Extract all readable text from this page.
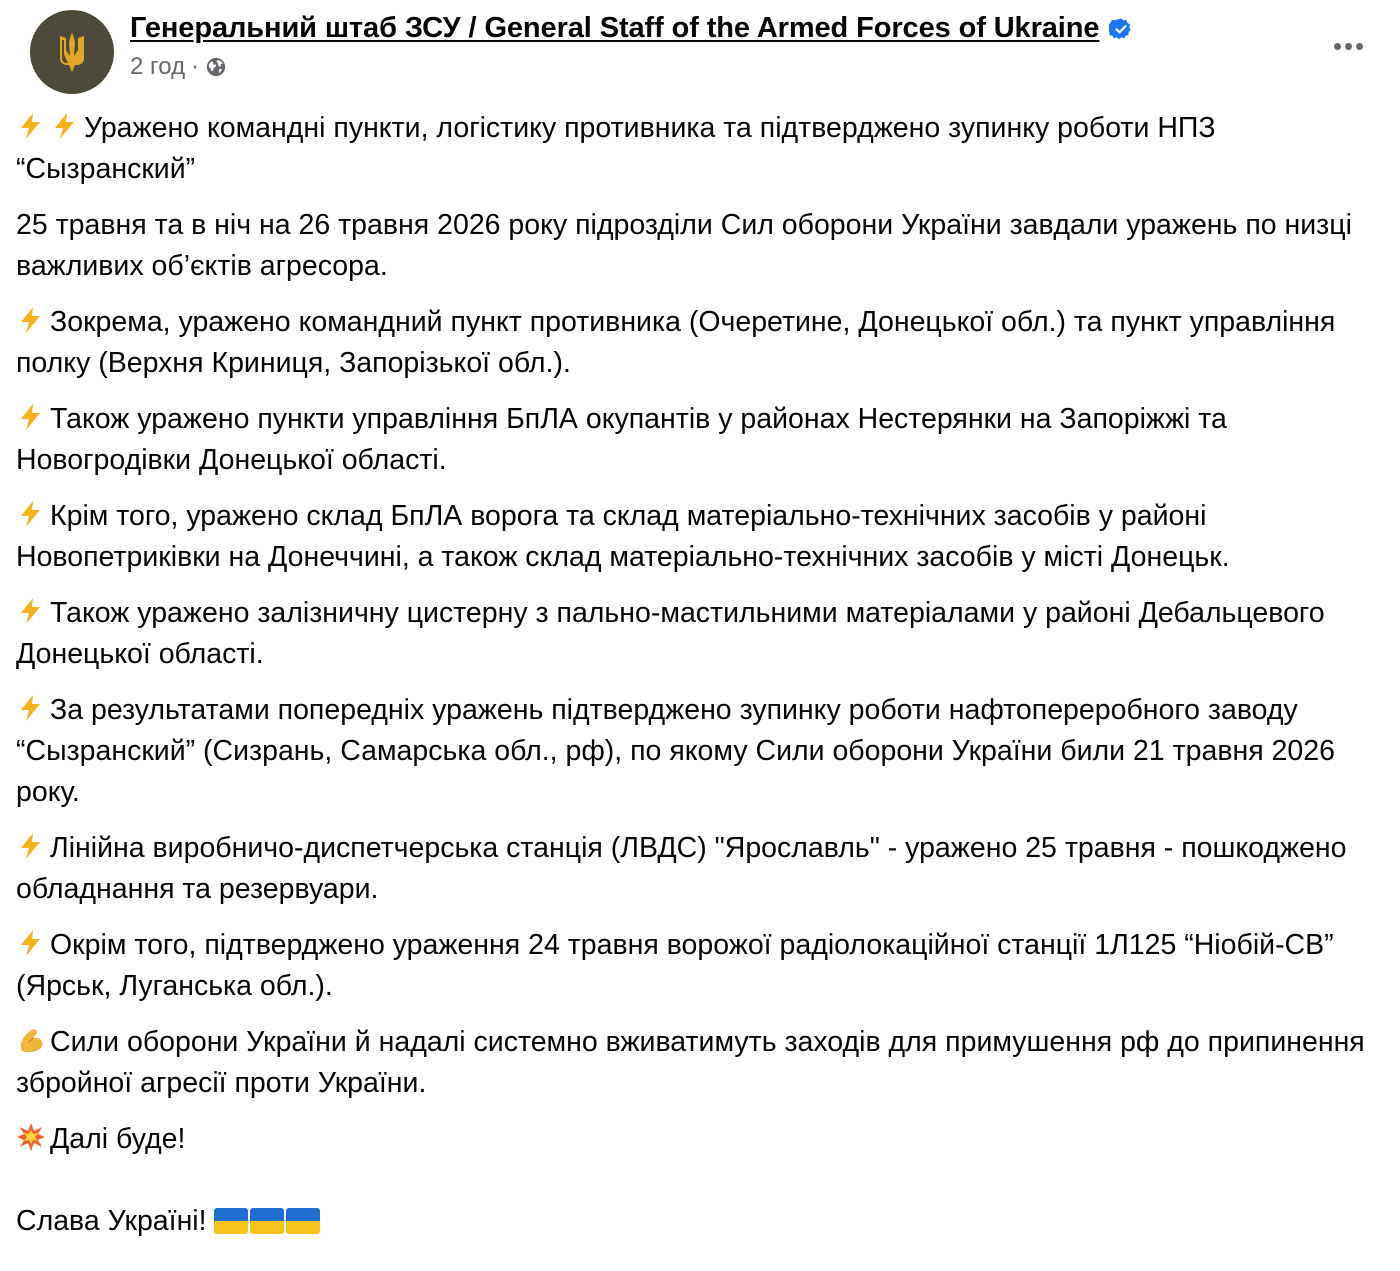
Генеральний штаб ЗСУ / General Staff of the Armed Forces of Ukraine
2 год ·

Уражено командні пункти, логістику противника та підтверджено зупинку роботи НПЗ “Сызранский”

25 травня та в ніч на 26 травня 2026 року підрозділи Сил оборони України завдали уражень по низці важливих об’єктів агресора.

Зокрема, уражено командний пункт противника (Очеретине, Донецької обл.) та пункт управління полку (Верхня Криниця, Запорізької обл.).

Також уражено пункти управління БпЛА окупантів у районах Нестерянки на Запоріжжі та Новогродівки Донецької області.

Крім того, уражено склад БпЛА ворога та склад матеріально-технічних засобів у районі Новопетриківки на Донеччині, а також склад матеріально-технічних засобів у місті Донецьк.

Також уражено залізничну цистерну з пально-мастильними матеріалами у районі Дебальцевого Донецької області.

За результатами попередніх уражень підтверджено зупинку роботи нафтопереробного заводу “Сызранский” (Сизрань, Самарська обл., рф), по якому Сили оборони України били 21 травня 2026 року.

Лінійна виробничо-диспетчерська станція (ЛВДС) "Ярославль" - уражено 25 травня - пошкоджено обладнання та резервуари.

Окрім того, підтверджено ураження 24 травня ворожої радіолокаційної станції 1Л125 “Ніобій-СВ” (Ярськ, Луганська обл.).

Сили оборони України й надалі системно вживатимуть заходів для примушення рф до припинення збройної агресії проти України.

Далі буде!

Слава Україні!
